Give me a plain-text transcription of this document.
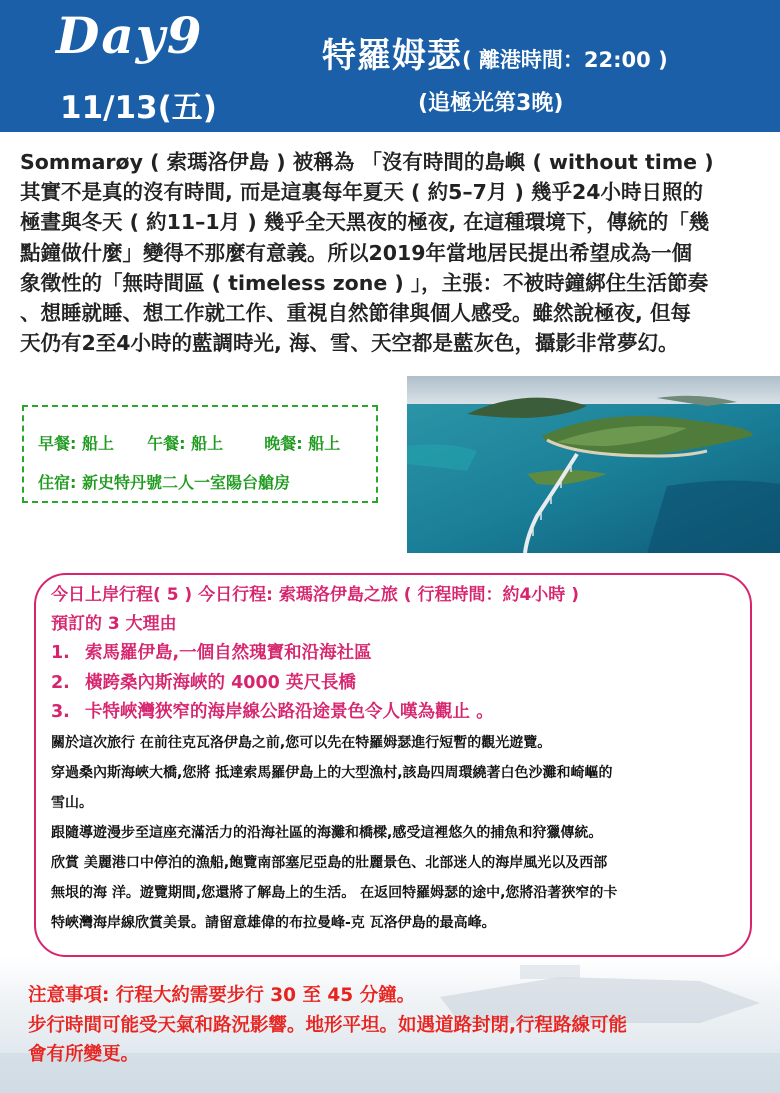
Day9
11/13(五)
特羅姆瑟( 離港時間：22:00 )
(追極光第3晚)

Sommarøy ( 索瑪洛伊島 ) 被稱為 「沒有時間的島嶼 ( without time )

其實不是真的沒有時間, 而是這裏每年夏天 ( 約5–7月 ) 幾乎24小時日照的

極晝與冬天 ( 約11–1月 ) 幾乎全天黑夜的極夜, 在這種環境下，傳統的「幾

點鐘做什麼」變得不那麼有意義。所以2019年當地居民提出希望成為一個

象徵性的「無時間區 ( timeless zone ) 」，主張：不被時鐘綁住生活節奏

、想睡就睡、想工作就工作、重視自然節律與個人感受。雖然說極夜, 但每

天仍有2至4小時的藍調時光, 海、雪、天空都是藍灰色，攝影非常夢幻。

早餐: 船上 午餐: 船上	晚餐: 船上
住宿: 新史特丹號二人一室陽台艙房
今日上岸行程( 5 ) 今日行程: 索瑪洛伊島之旅 ( 行程時間：約4小時 )
預訂的 3 大理由
1. 索馬羅伊島,一個自然瑰寶和沿海社區
2. 橫跨桑內斯海峽的 4000 英尺長橋
3. 卡特峽灣狹窄的海岸線公路沿途景色令人嘆為觀止 。

關於這次旅行 在前往克瓦洛伊島之前,您可以先在特羅姆瑟進行短暫的觀光遊覽。

穿過桑內斯海峽大橋,您將 抵達索馬羅伊島上的大型漁村,該島四周環繞著白色沙灘和崎嶇的

雪山。

跟隨導遊漫步至這座充滿活力的沿海社區的海灘和橋樑,感受這裡悠久的捕魚和狩獵傳統。

欣賞 美麗港口中停泊的漁船,飽覽南部塞尼亞島的壯麗景色、北部迷人的海岸風光以及西部

無垠的海 洋。遊覽期間,您還將了解島上的生活。 在返回特羅姆瑟的途中,您將沿著狹窄的卡

特峽灣海岸線欣賞美景。請留意雄偉的布拉曼峰-克 瓦洛伊島的最高峰。

注意事項: 行程大約需要步行 30 至 45 分鐘。

步行時間可能受天氣和路況影響。地形平坦。如遇道路封閉,行程路線可能

會有所變更。
